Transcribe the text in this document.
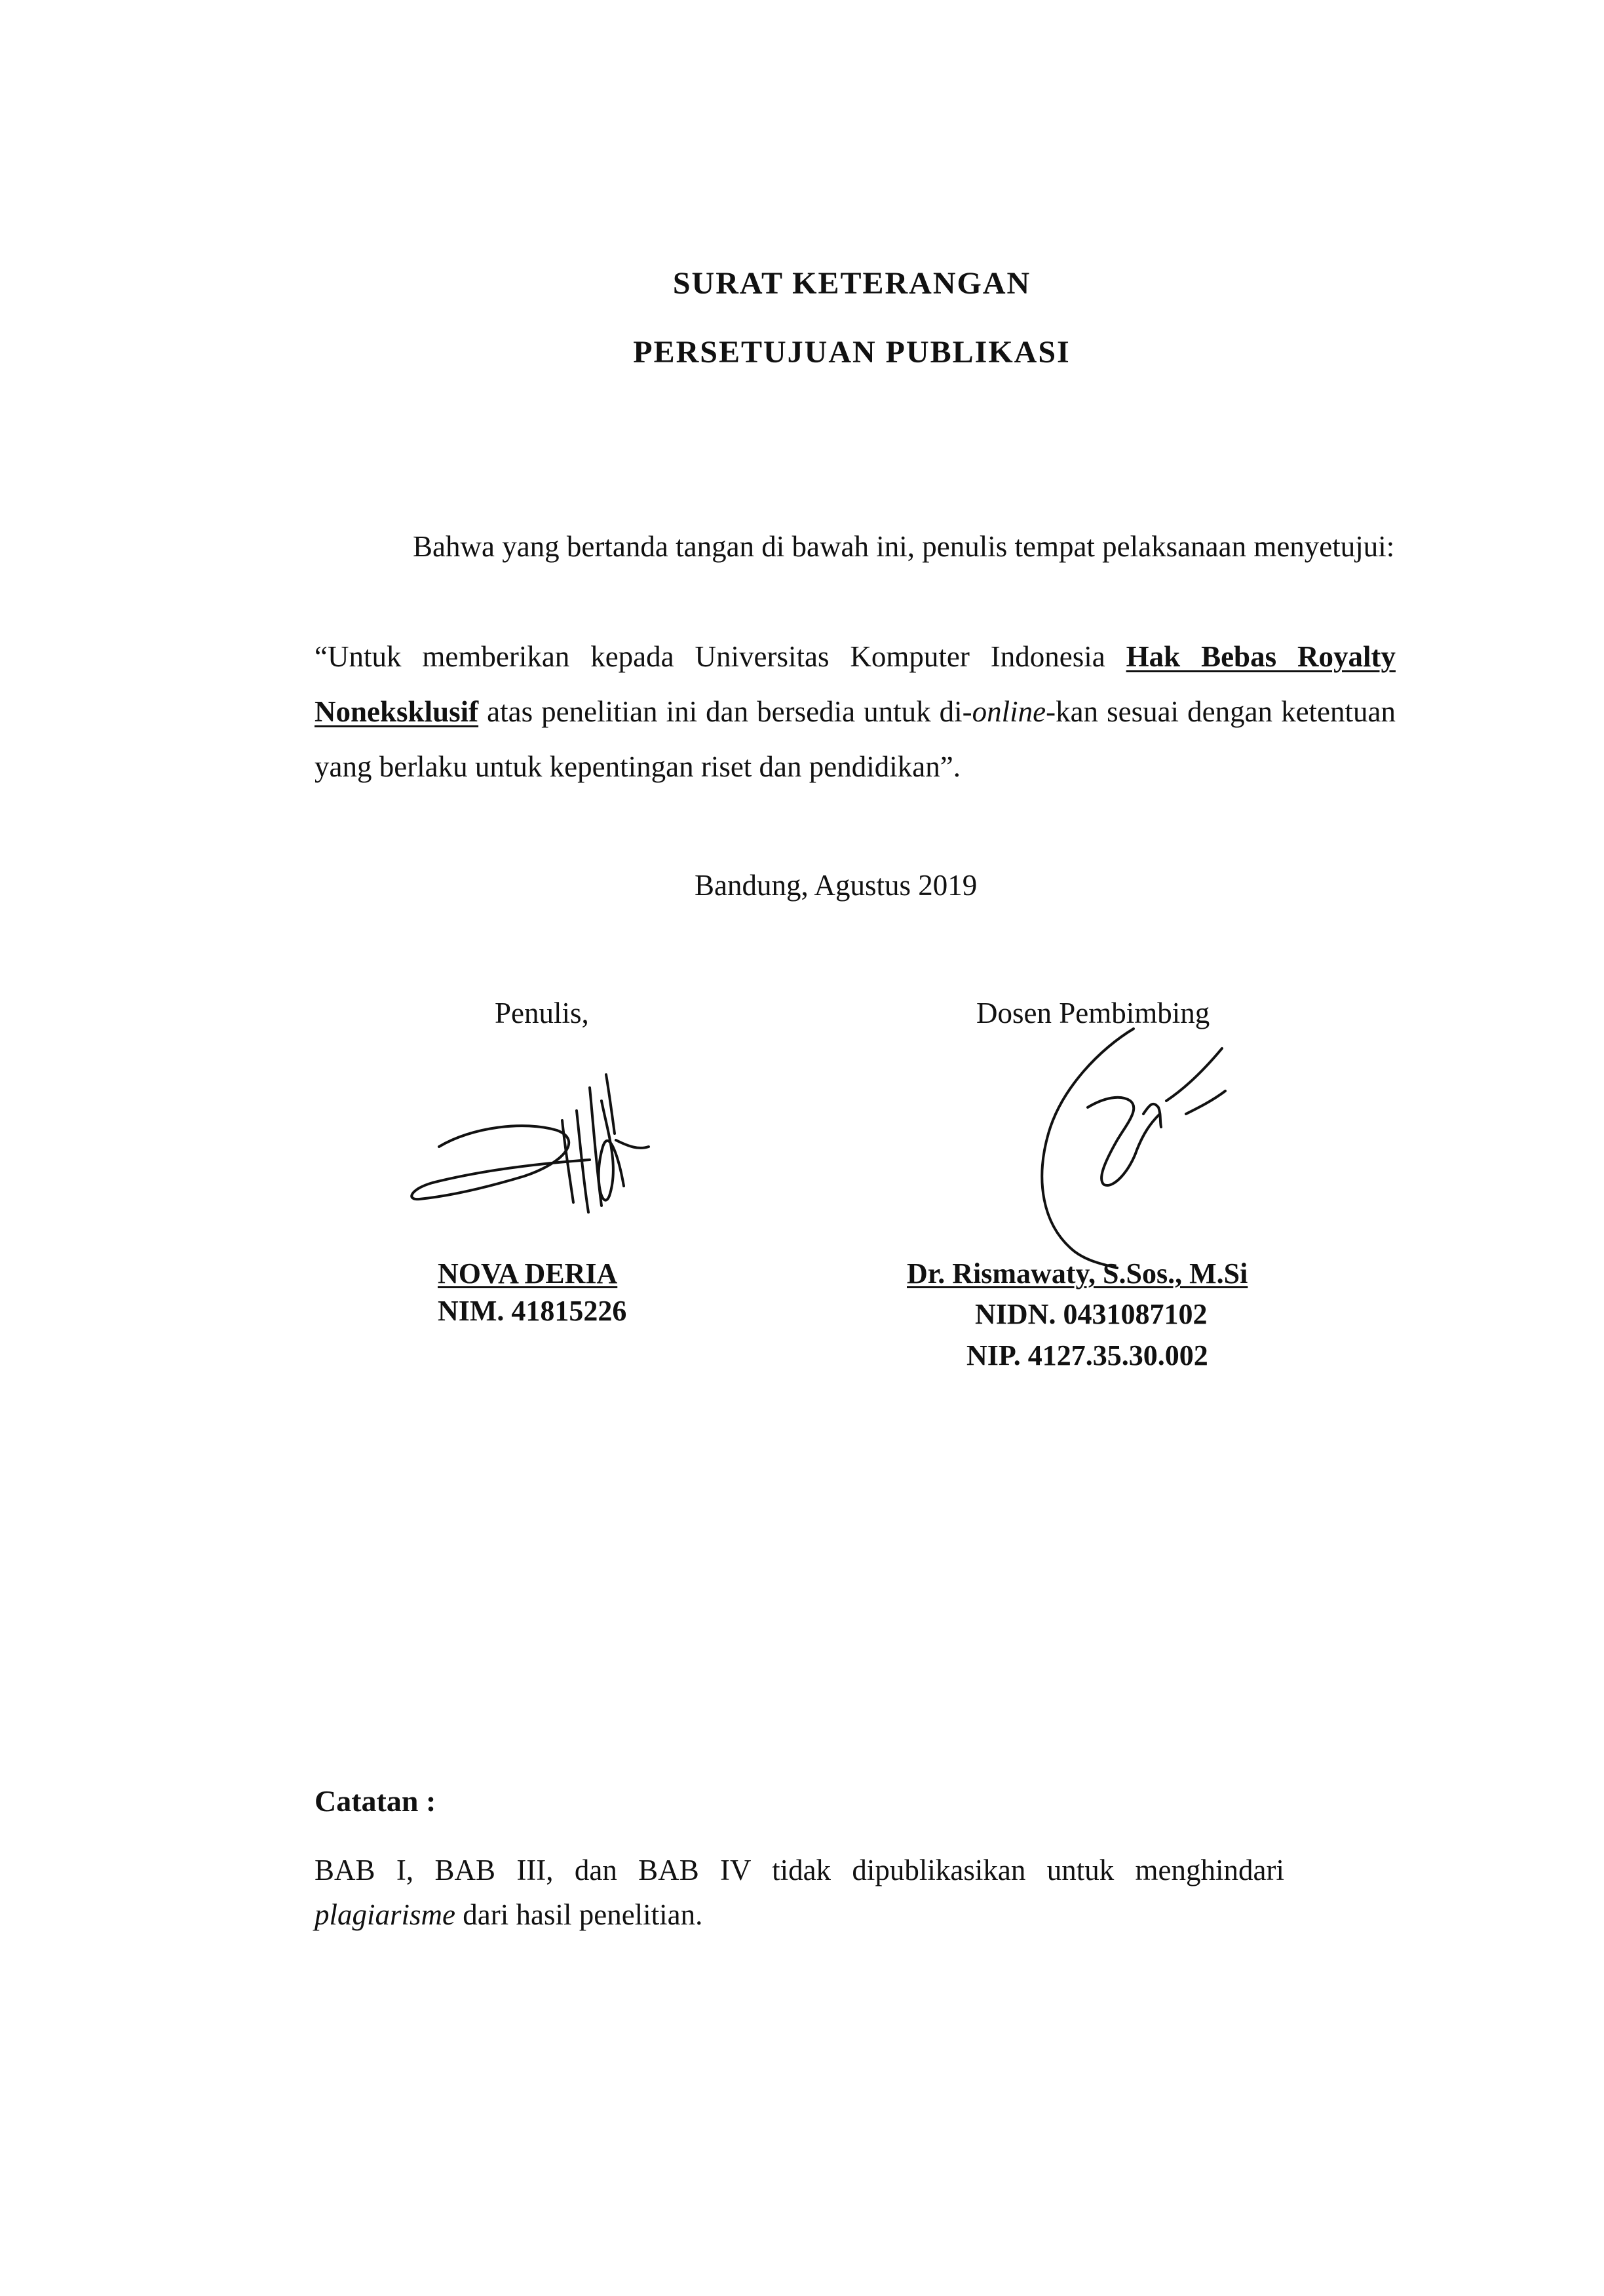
SURAT KETERANGAN
PERSETUJUAN PUBLIKASI
Bahwa yang bertanda tangan di bawah ini, penulis tempat pelaksanaan menyetujui:
“Untuk memberikan kepada Universitas Komputer Indonesia Hak Bebas Royalty Noneksklusif atas penelitian ini dan bersedia untuk di-online-kan sesuai dengan ketentuan yang berlaku untuk kepentingan riset dan pendidikan”.
Bandung, Agustus 2019
Penulis,	Dosen Pembimbing
NOVA DERIA
NIM. 41815226
Dr. Rismawaty, S.Sos., M.Si
NIDN. 0431087102
NIP. 4127.35.30.002
Catatan :
BAB I, BAB III, dan BAB IV tidak dipublikasikan untuk menghindari plagiarisme dari hasil penelitian.
